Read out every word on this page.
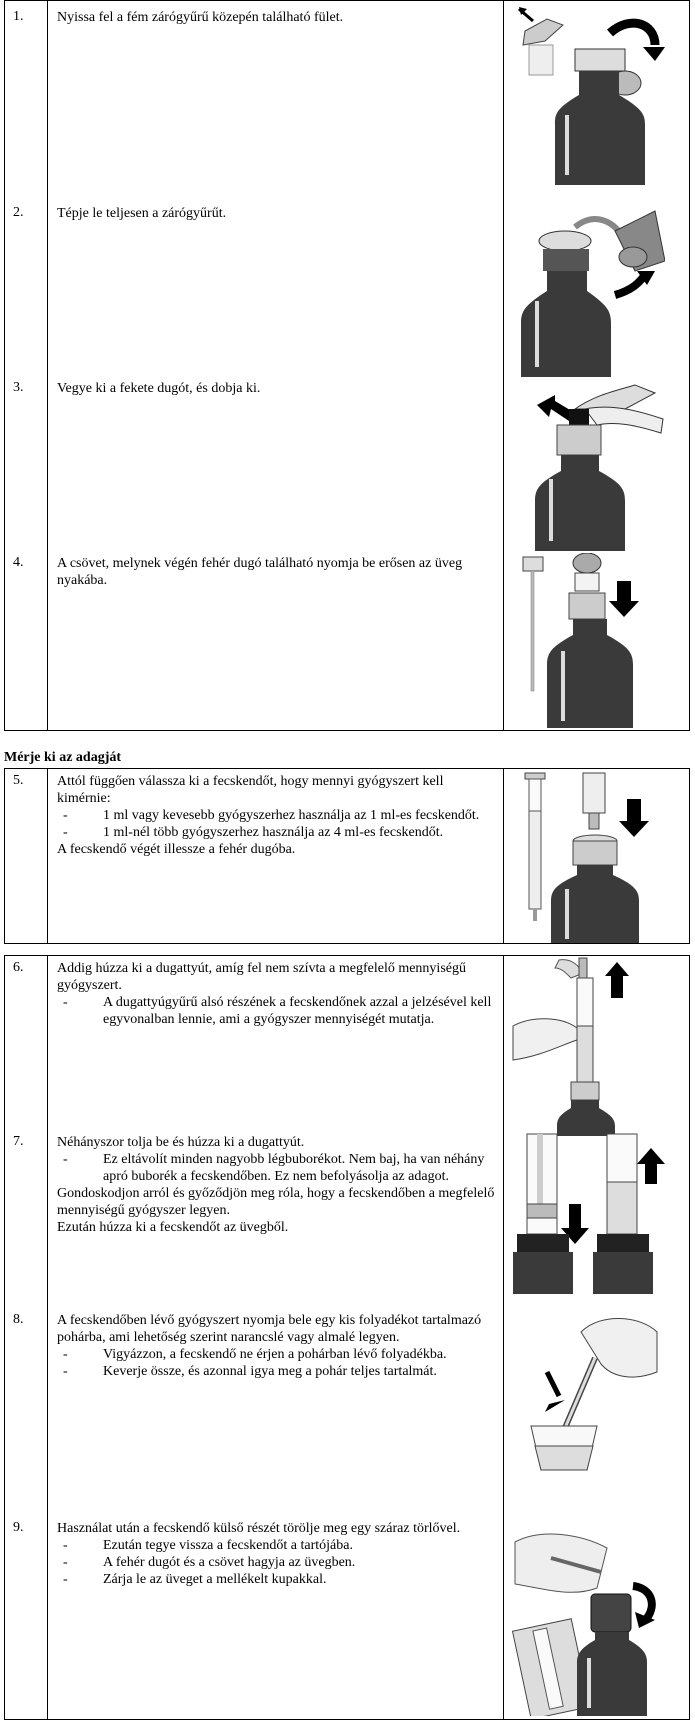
1. Nyissa fel a fém zárógyűrű közepén található fület.

2. Tépje le teljesen a zárógyűrűt.

3. Vegye ki a fekete dugót, és dobja ki.

4. A csövet, melynek végén fehér dugó található nyomja be erősen az üveg nyakába.

Mérje ki az adagját
5. Attól függően válassza ki a fecskendőt, hogy mennyi gyógyszert kell kimérnie:

-	1 ml vagy kevesebb gyógyszerhez használja az 1 ml-es fecskendőt.

-	1 ml-nél több gyógyszerhez használja az 4 ml-es fecskendőt.

A fecskendő végét illessze a fehér dugóba.

6. Addig húzza ki a dugattyút, amíg fel nem szívta a megfelelő mennyiségű gyógyszert.

-	A dugattyúgyűrű alsó részének a fecskendőnek azzal a jelzésével kell egyvonalban lennie, ami a gyógyszer mennyiségét mutatja.

7. Néhányszor tolja be és húzza ki a dugattyút.

-	Ez eltávolít minden nagyobb légbuborékot. Nem baj, ha van néhány apró buborék a fecskendőben. Ez nem befolyásolja az adagot.

Gondoskodjon arról és győződjön meg róla, hogy a fecskendőben a megfelelő mennyiségű gyógyszer legyen.

Ezután húzza ki a fecskendőt az üvegből.

8. A fecskendőben lévő gyógyszert nyomja bele egy kis folyadékot tartalmazó pohárba, ami lehetőség szerint narancslé vagy almalé legyen.

-	Vigyázzon, a fecskendő ne érjen a pohárban lévő folyadékba.

-	Keverje össze, és azonnal igya meg a pohár teljes tartalmát.

9. Használat után a fecskendő külső részét törölje meg egy száraz törlővel.

-	Ezután tegye vissza a fecskendőt a tartójába.

-	A fehér dugót és a csövet hagyja az üvegben.

-	Zárja le az üveget a mellékelt kupakkal.
